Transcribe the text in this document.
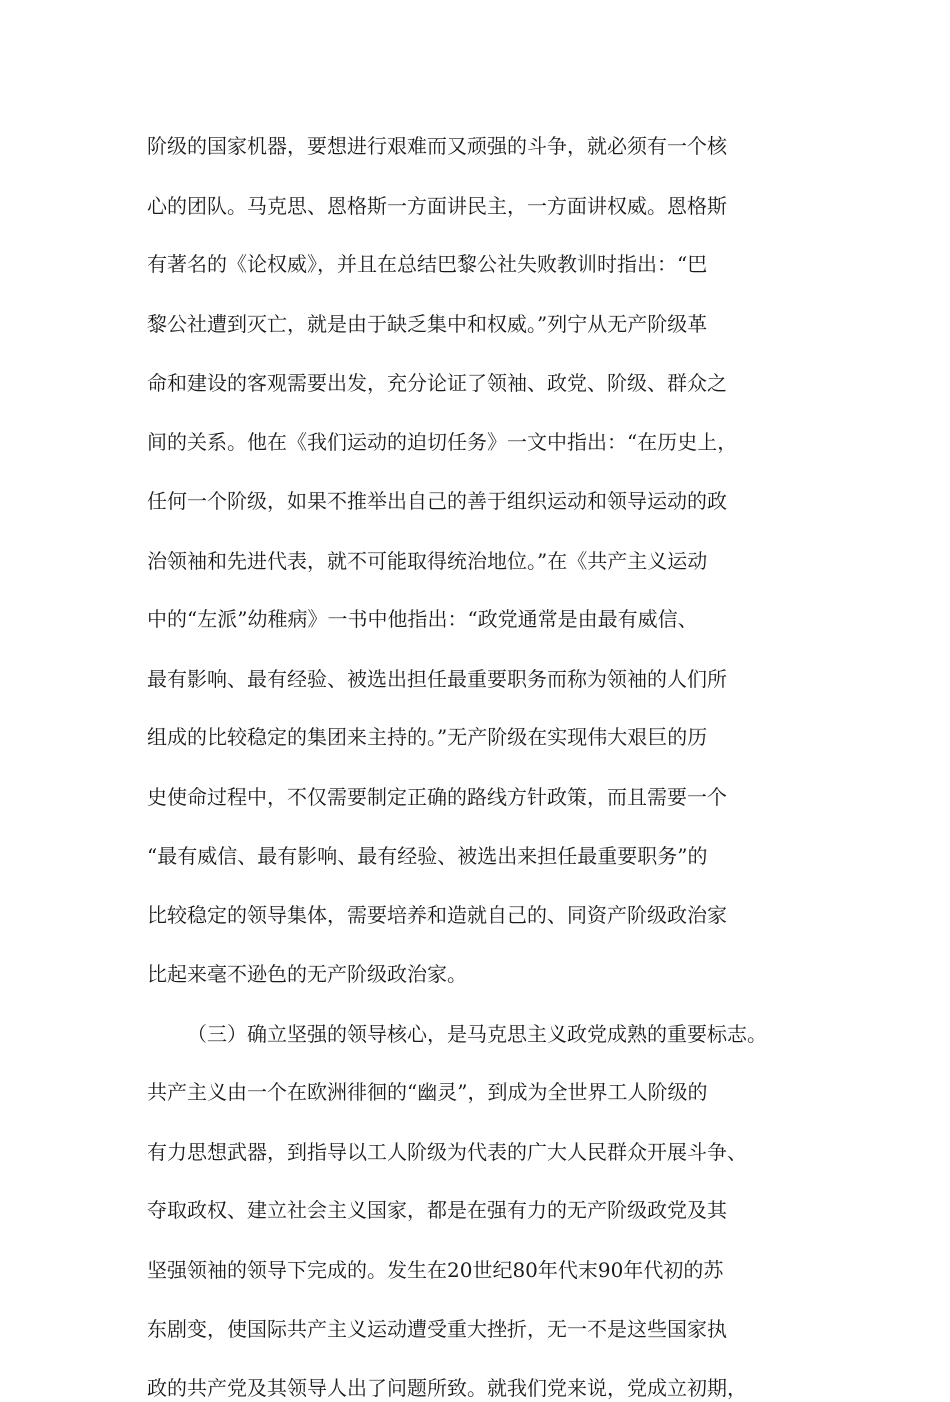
阶级的国家机器，要想进行艰难而又顽强的斗争，就必须有一个核
心的团队。马克思、恩格斯一方面讲民主，一方面讲权威。恩格斯
有著名的《论权威》，并且在总结巴黎公社失败教训时指出：“巴
黎公社遭到灭亡，就是由于缺乏集中和权威。”列宁从无产阶级革
命和建设的客观需要出发，充分论证了领袖、政党、阶级、群众之
间的关系。他在《我们运动的迫切任务》一文中指出：“在历史上，
任何一个阶级，如果不推举出自己的善于组织运动和领导运动的政
治领袖和先进代表，就不可能取得统治地位。”在《共产主义运动
中的“左派”幼稚病》一书中他指出：“政党通常是由最有威信、
最有影响、最有经验、被选出担任最重要职务而称为领袖的人们所
组成的比较稳定的集团来主持的。”无产阶级在实现伟大艰巨的历
史使命过程中，不仅需要制定正确的路线方针政策，而且需要一个
“最有威信、最有影响、最有经验、被选出来担任最重要职务”的
比较稳定的领导集体，需要培养和造就自己的、同资产阶级政治家
比起来毫不逊色的无产阶级政治家。
（三）确立坚强的领导核心，是马克思主义政党成熟的重要标志。
共产主义由一个在欧洲徘徊的“幽灵”，到成为全世界工人阶级的
有力思想武器，到指导以工人阶级为代表的广大人民群众开展斗争、
夺取政权、建立社会主义国家，都是在强有力的无产阶级政党及其
坚强领袖的领导下完成的。发生在20世纪80年代末90年代初的苏
东剧变，使国际共产主义运动遭受重大挫折，无一不是这些国家执
政的共产党及其领导人出了问题所致。就我们党来说，党成立初期，
